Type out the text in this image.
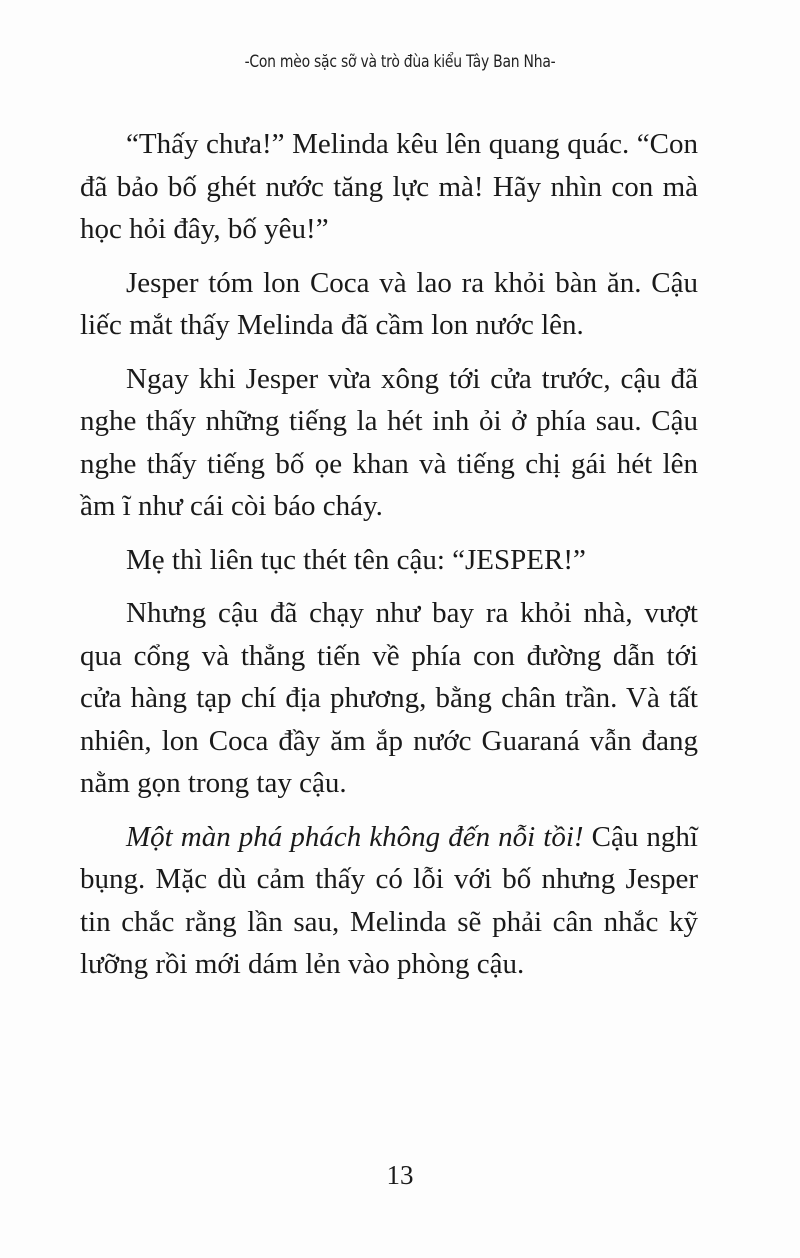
-Con mèo sặc sỡ và trò đùa kiểu Tây Ban Nha-

“Thấy chưa!” Melinda kêu lên quang quác. “Con đã bảo bố ghét nước tăng lực mà! Hãy nhìn con mà học hỏi đây, bố yêu!”

Jesper tóm lon Coca và lao ra khỏi bàn ăn. Cậu liếc mắt thấy Melinda đã cầm lon nước lên.

Ngay khi Jesper vừa xông tới cửa trước, cậu đã nghe thấy những tiếng la hét inh ỏi ở phía sau. Cậu nghe thấy tiếng bố ọe khan và tiếng chị gái hét lên ầm ĩ như cái còi báo cháy.

Mẹ thì liên tục thét tên cậu: “JESPER!”

Nhưng cậu đã chạy như bay ra khỏi nhà, vượt qua cổng và thẳng tiến về phía con đường dẫn tới cửa hàng tạp chí địa phương, bằng chân trần. Và tất nhiên, lon Coca đầy ăm ắp nước Guaraná vẫn đang nằm gọn trong tay cậu.

Một màn phá phách không đến nỗi tồi! Cậu nghĩ bụng. Mặc dù cảm thấy có lỗi với bố nhưng Jesper tin chắc rằng lần sau, Melinda sẽ phải cân nhắc kỹ lưỡng rồi mới dám lẻn vào phòng cậu.

13
